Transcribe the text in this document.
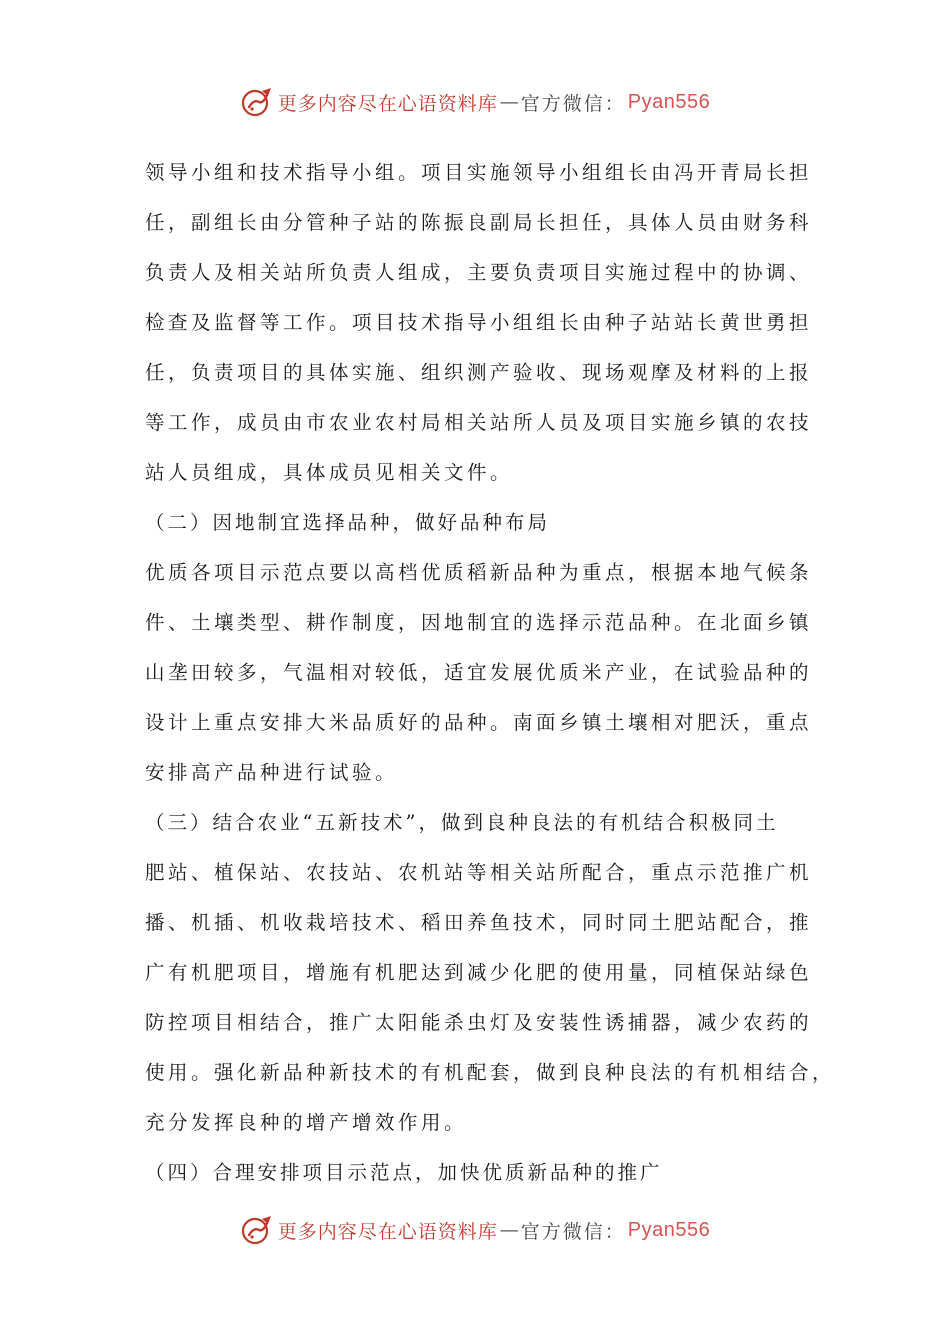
更多内容尽在心语资料库 — 官方微信： Pyan556
领导小组和技术指导小组。项目实施领导小组组长由冯开青局长担
任，副组长由分管种子站的陈振良副局长担任，具体人员由财务科
负责人及相关站所负责人组成，主要负责项目实施过程中的协调、
检查及监督等工作。项目技术指导小组组长由种子站站长黄世勇担
任，负责项目的具体实施、组织测产验收、现场观摩及材料的上报
等工作，成员由市农业农村局相关站所人员及项目实施乡镇的农技
站人员组成，具体成员见相关文件。
（二）因地制宜选择品种，做好品种布局
优质各项目示范点要以高档优质稻新品种为重点，根据本地气候条
件、土壤类型、耕作制度，因地制宜的选择示范品种。在北面乡镇
山垄田较多，气温相对较低，适宜发展优质米产业，在试验品种的
设计上重点安排大米品质好的品种。南面乡镇土壤相对肥沃，重点
安排高产品种进行试验。
（三）结合农业“五新技术”，做到良种良法的有机结合积极同土
肥站、植保站、农技站、农机站等相关站所配合，重点示范推广机
播、机插、机收栽培技术、稻田养鱼技术，同时同土肥站配合，推
广有机肥项目，增施有机肥达到减少化肥的使用量，同植保站绿色
防控项目相结合，推广太阳能杀虫灯及安装性诱捕器，减少农药的
使用。强化新品种新技术的有机配套，做到良种良法的有机相结合，
充分发挥良种的增产增效作用。
（四）合理安排项目示范点，加快优质新品种的推广
更多内容尽在心语资料库 — 官方微信： Pyan556
